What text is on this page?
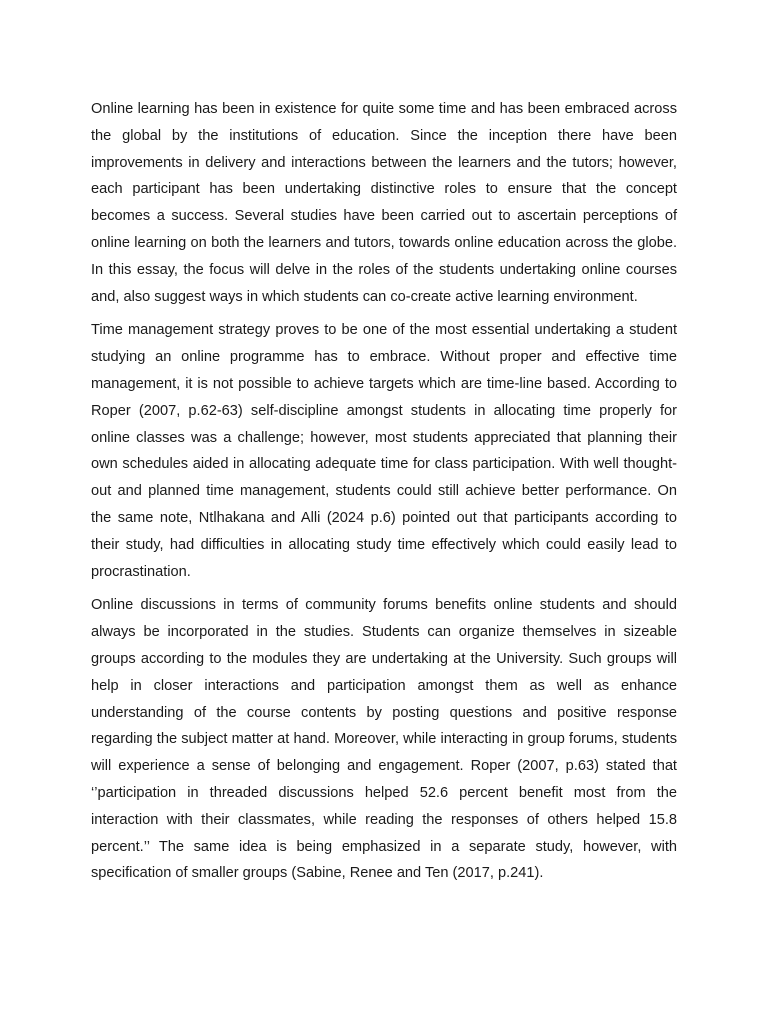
Online learning has been in existence for quite some time and has been embraced across the global by the institutions of education. Since the inception there have been improvements in delivery and interactions between the learners and the tutors; however, each participant has been undertaking distinctive roles to ensure that the concept becomes a success. Several studies have been carried out to ascertain perceptions of online learning on both the learners and tutors, towards online education across the globe. In this essay, the focus will delve in the roles of the students undertaking online courses and, also suggest ways in which students can co-create active learning environment.

Time management strategy proves to be one of the most essential undertaking a student studying an online programme has to embrace. Without proper and effective time management, it is not possible to achieve targets which are time-line based. According to Roper (2007, p.62-63) self-discipline amongst students in allocating time properly for online classes was a challenge; however, most students appreciated that planning their own schedules aided in allocating adequate time for class participation. With well thought-out and planned time management, students could still achieve better performance. On the same note, Ntlhakana and Alli (2024 p.6) pointed out that participants according to their study, had difficulties in allocating study time effectively which could easily lead to procrastination.

Online discussions in terms of community forums benefits online students and should always be incorporated in the studies. Students can organize themselves in sizeable groups according to the modules they are undertaking at the University. Such groups will help in closer interactions and participation amongst them as well as enhance understanding of the course contents by posting questions and positive response regarding the subject matter at hand. Moreover, while interacting in group forums, students will experience a sense of belonging and engagement. Roper (2007, p.63) stated that ‘’participation in threaded discussions helped 52.6 percent benefit most from the interaction with their classmates, while reading the responses of others helped 15.8 percent.’’ The same idea is being emphasized in a separate study, however, with specification of smaller groups (Sabine, Renee and Ten (2017, p.241).
